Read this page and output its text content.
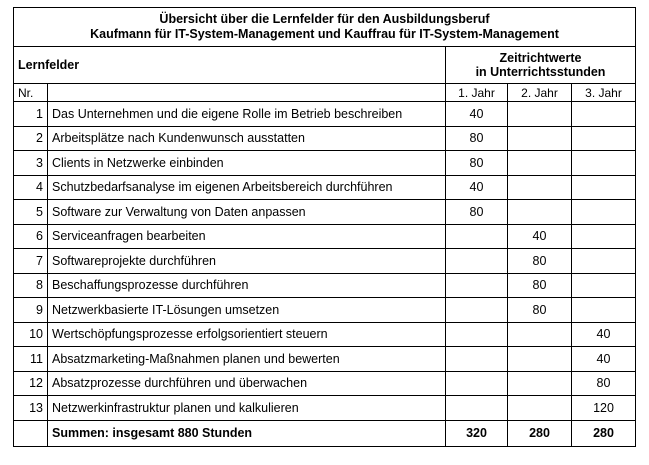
Übersicht über die Lernfelder für den Ausbildungsberuf
Kaufmann für IT-System-Management und Kauffrau für IT-System-Management				

Lernfelder		Zeitrichtwerte
in Unterrichtsstunden		

Nr.		1. Jahr	2. Jahr	3. Jahr
1	Das Unternehmen und die eigene Rolle im Betrieb beschreiben	40		
2	Arbeitsplätze nach Kundenwunsch ausstatten	80		
3	Clients in Netzwerke einbinden	80		
4	Schutzbedarfsanalyse im eigenen Arbeitsbereich durchführen	40		
5	Software zur Verwaltung von Daten anpassen	80		
6	Serviceanfragen bearbeiten		40	
7	Softwareprojekte durchführen		80	
8	Beschaffungsprozesse durchführen		80	
9	Netzwerkbasierte IT-Lösungen umsetzen		80	
10	Wertschöpfungsprozesse erfolgsorientiert steuern			40
11	Absatzmarketing-Maßnahmen planen und bewerten			40
12	Absatzprozesse durchführen und überwachen			80
13	Netzwerkinfrastruktur planen und kalkulieren			120
	Summen: insgesamt 880 Stunden	320	280	280
